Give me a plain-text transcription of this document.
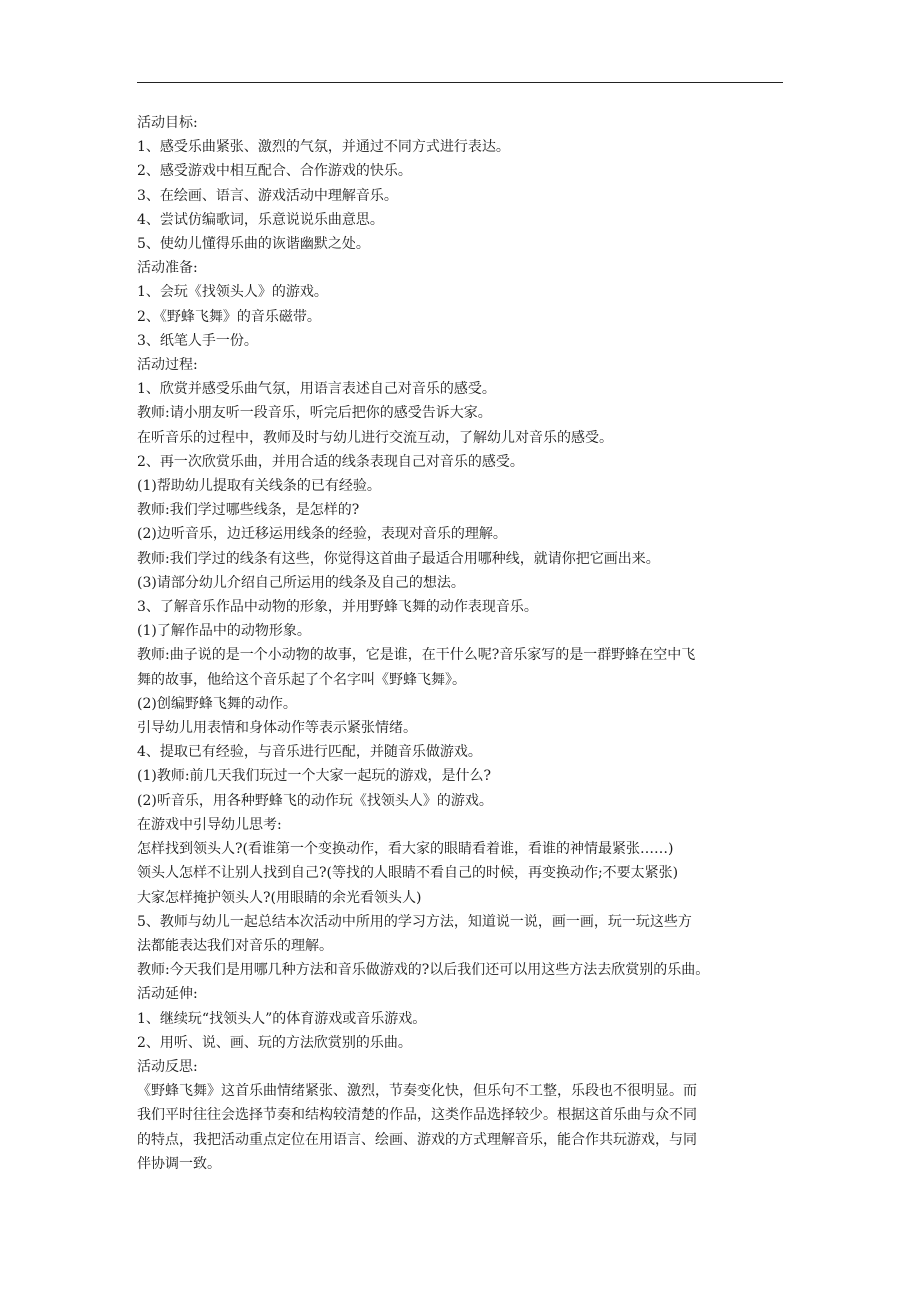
活动目标:
1、感受乐曲紧张、激烈的气氛，并通过不同方式进行表达。
2、感受游戏中相互配合、合作游戏的快乐。
3、在绘画、语言、游戏活动中理解音乐。
4、尝试仿编歌词，乐意说说乐曲意思。
5、使幼儿懂得乐曲的诙谐幽默之处。
活动准备:
1、会玩《找领头人》的游戏。
2、《野蜂飞舞》的音乐磁带。
3、纸笔人手一份。
活动过程:
1、欣赏并感受乐曲气氛，用语言表述自己对音乐的感受。
教师:请小朋友听一段音乐，听完后把你的感受告诉大家。
在听音乐的过程中，教师及时与幼儿进行交流互动，了解幼儿对音乐的感受。
2、再一次欣赏乐曲，并用合适的线条表现自己对音乐的感受。
(1)帮助幼儿提取有关线条的已有经验。
教师:我们学过哪些线条，是怎样的?
(2)边听音乐，边迁移运用线条的经验，表现对音乐的理解。
教师:我们学过的线条有这些，你觉得这首曲子最适合用哪种线，就请你把它画出来。
(3)请部分幼儿介绍自己所运用的线条及自己的想法。
3、了解音乐作品中动物的形象，并用野蜂飞舞的动作表现音乐。
(1)了解作品中的动物形象。
教师:曲子说的是一个小动物的故事，它是谁，在干什么呢?音乐家写的是一群野蜂在空中飞
舞的故事，他给这个音乐起了个名字叫《野蜂飞舞》。
(2)创编野蜂飞舞的动作。
引导幼儿用表情和身体动作等表示紧张情绪。
4、提取已有经验，与音乐进行匹配，并随音乐做游戏。
(1)教师:前几天我们玩过一个大家一起玩的游戏，是什么?
(2)听音乐，用各种野蜂飞的动作玩《找领头人》的游戏。
在游戏中引导幼儿思考:
怎样找到领头人?(看谁第一个变换动作，看大家的眼睛看着谁，看谁的神情最紧张……)
领头人怎样不让别人找到自己?(等找的人眼睛不看自己的时候，再变换动作;不要太紧张)
大家怎样掩护领头人?(用眼睛的余光看领头人)
5、教师与幼儿一起总结本次活动中所用的学习方法，知道说一说，画一画，玩一玩这些方
法都能表达我们对音乐的理解。
教师:今天我们是用哪几种方法和音乐做游戏的?以后我们还可以用这些方法去欣赏别的乐曲。
活动延伸:
1、继续玩“找领头人”的体育游戏或音乐游戏。
2、用听、说、画、玩的方法欣赏别的乐曲。
活动反思:
《野蜂飞舞》这首乐曲情绪紧张、激烈，节奏变化快，但乐句不工整，乐段也不很明显。而
我们平时往往会选择节奏和结构较清楚的作品，这类作品选择较少。根据这首乐曲与众不同
的特点，我把活动重点定位在用语言、绘画、游戏的方式理解音乐，能合作共玩游戏，与同
伴协调一致。
